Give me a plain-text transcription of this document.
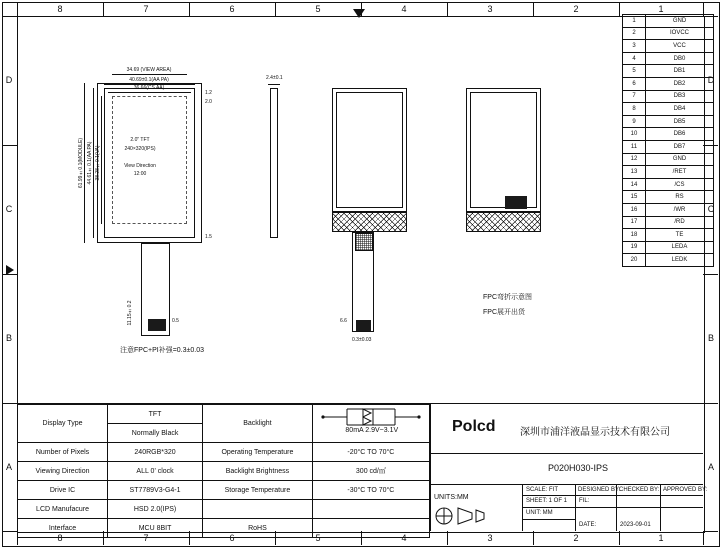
8	7	6	5	4	3	2	1
8	7	6	5	4	3	2	1
D
C
B
A
D
C
B
A
2.0" TFT
240×320(IPS)
View Direction
12:00
34.69 (VIEW AREA)
40.69±0.1(AA PA)
36.66(CS AA)
61.99±0.1(MODULE) 44.61±0.1(AA PA) 38.28±0.1(VA)
1.2
2.0
1.5
11.15±0.2	0.5
注意FPC+PI补强=0.3±0.03
2.4±0.1
6.6
0.3±0.03
FPC弯折示意图
FPC展开出货
1	GND
2	IOVCC
3	VCC
4	DB0
5	DB1
6	DB2
7	DB3
8	DB4
9	DB5
10	DB6
11	DB7
12	GND
13	/RET
14	/CS
15	RS
16	/WR
17	/RD
18	TE
19	LEDA
20	LEDK
Display Type	TFT	Backlight	80mA 2.9V~3.1V

	Normally Black		
Number of Pixels	240RGB*320	Operating Temperature	-20°C TO 70°C
Viewing Direction	ALL 0' clock	Backlight Brightness	300 cd/㎡
Drive IC	ST7789V3-G4-1	Storage Temperature	-30°C TO 70°C
LCD Manufacure	HSD 2.0(IPS)		
Interface	MCU 8BIT	RoHS	
Polcd 深圳市浦洋液晶显示技术有限公司
P020H030-IPS
UNITS:MM
SCALE: FIT
SHEET: 1 OF 1
UNIT: MM
FIL:
DATE:	2023-09-01
DESIGNED BY:
CHECKED BY: APPROVED BY:
